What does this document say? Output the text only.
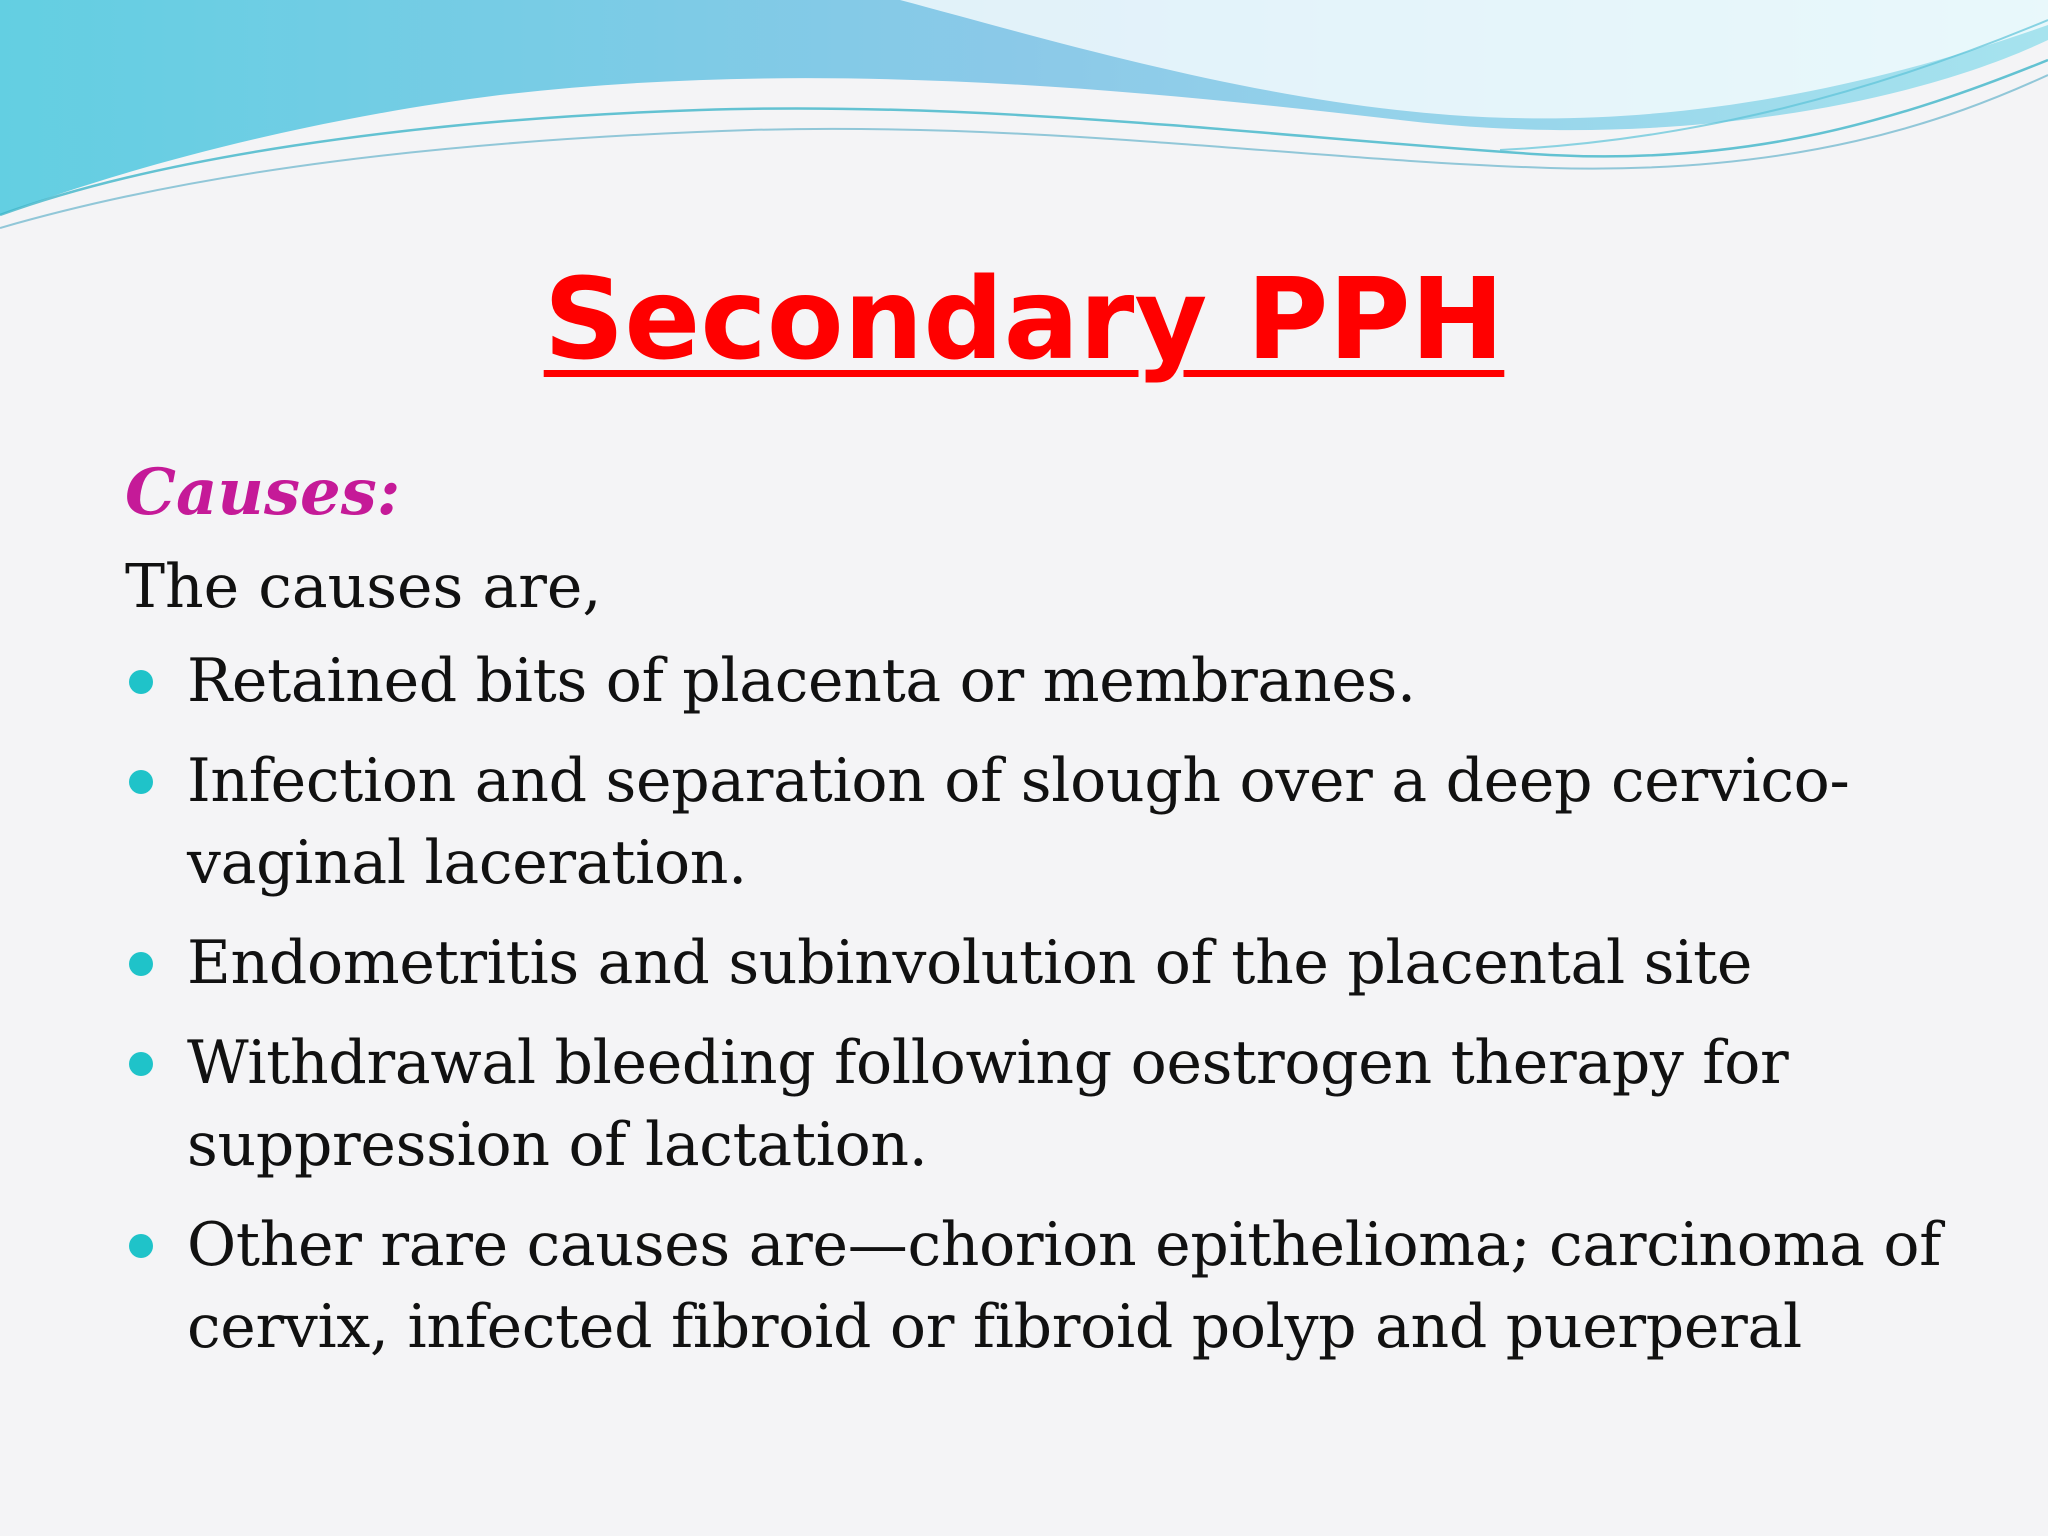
Secondary PPH

Causes:

The causes are,

Retained bits of placenta or membranes.
Infection and separation of slough over a deep cervico-vaginal laceration.
Endometritis and subinvolution of the placental site
Withdrawal bleeding following oestrogen therapy for suppression of lactation.
Other rare causes are—chorion epithelioma; carcinoma of cervix, infected fibroid or fibroid polyp and puerperal
